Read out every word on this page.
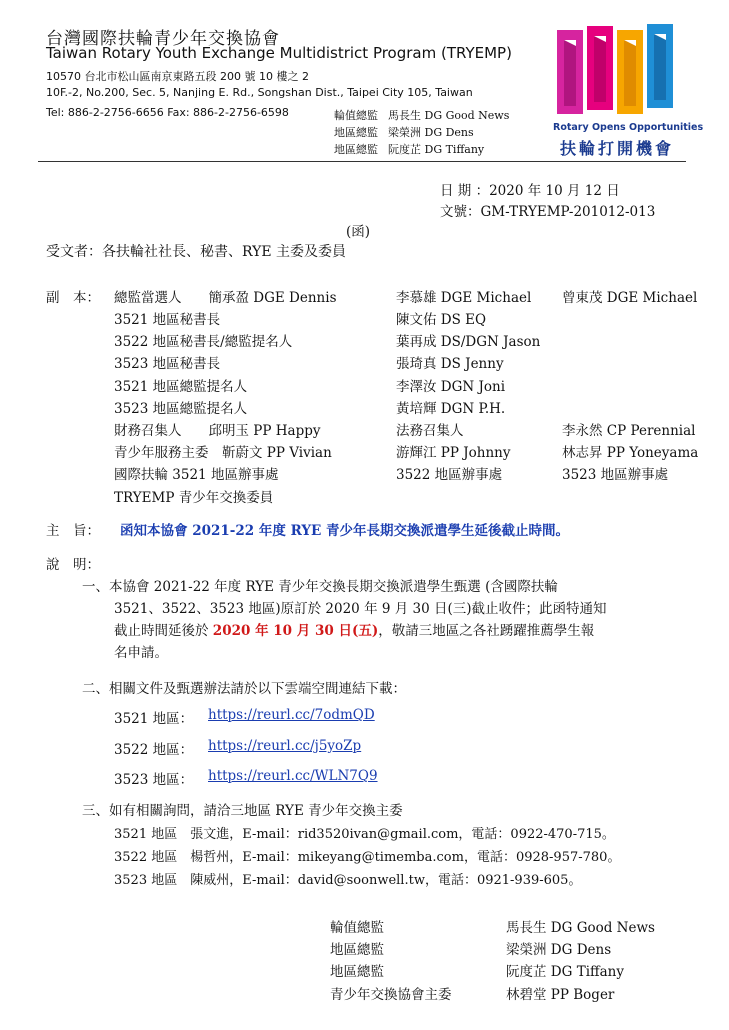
台灣國際扶輪青少年交換協會
Taiwan Rotary Youth Exchange Multidistrict Program (TRYEMP)
10570 台北市松山區南京東路五段 200 號 10 樓之 2
10F.-2, No.200, Sec. 5, Nanjing E. Rd., Songshan Dist., Taipei City 105, Taiwan
Tel: 886-2-2756-6656 Fax: 886-2-2756-6598	輪值總監 馬長生 DG Good News
地區總監 梁榮洲 DG Dens
地區總監 阮度芷 DG Tiffany
Rotary Opens Opportunities
扶輪打開機會
日 期 ：2020 年 10 月 12 日
文號：GM-TRYEMP-201012-013
(函)
受文者：各扶輪社社長、秘書、RYE 主委及委員
副　本： 總監當選人　　簡承盈 DGE Dennis	李慕雄 DGE Michael 曾東茂 DGE Michael
3521 地區秘書長	陳文佑 DS EQ
3522 地區秘書長/總監提名人	葉再成 DS/DGN Jason
3523 地區秘書長	張琦真 DS Jenny
3521 地區總監提名人	李澤汝 DGN Joni
3523 地區總監提名人	黃培輝 DGN P.H.
財務召集人　　邱明玉 PP Happy	法務召集人	李永然 CP Perennial
青少年服務主委　靳蔚文 PP Vivian	游輝江 PP Johnny	林志昇 PP Yoneyama
國際扶輪 3521 地區辦事處	3522 地區辦事處	3523 地區辦事處
TRYEMP 青少年交換委員
主　旨： 函知本協會 2021-22 年度 RYE 青少年長期交換派遣學生延後截止時間。
說　明：
一、本協會 2021-22 年度 RYE 青少年交換長期交換派遣學生甄選 (含國際扶輪
3521、3522、3523 地區)原訂於 2020 年 9 月 30 日(三)截止收件；此函特通知
截止時間延後於 2020 年 10 月 30 日(五)，敬請三地區之各社踴躍推薦學生報
名申請。
二、相關文件及甄選辦法請於以下雲端空間連結下載：
3521 地區： https://reurl.cc/7odmQD
3522 地區： https://reurl.cc/j5yoZp
3523 地區： https://reurl.cc/WLN7Q9
三、如有相關詢問，請洽三地區 RYE 青少年交換主委
3521 地區　張文進，E-mail：rid3520ivan@gmail.com，電話：0922-470-715。
3522 地區　楊哲州，E-mail：mikeyang@timemba.com，電話：0928-957-780。
3523 地區　陳威州，E-mail：david@soonwell.tw，電話：0921-939-605。
輪值總監	馬長生 DG Good News
地區總監	梁榮洲 DG Dens
地區總監	阮度芷 DG Tiffany
青少年交換協會主委	林碧堂 PP Boger
